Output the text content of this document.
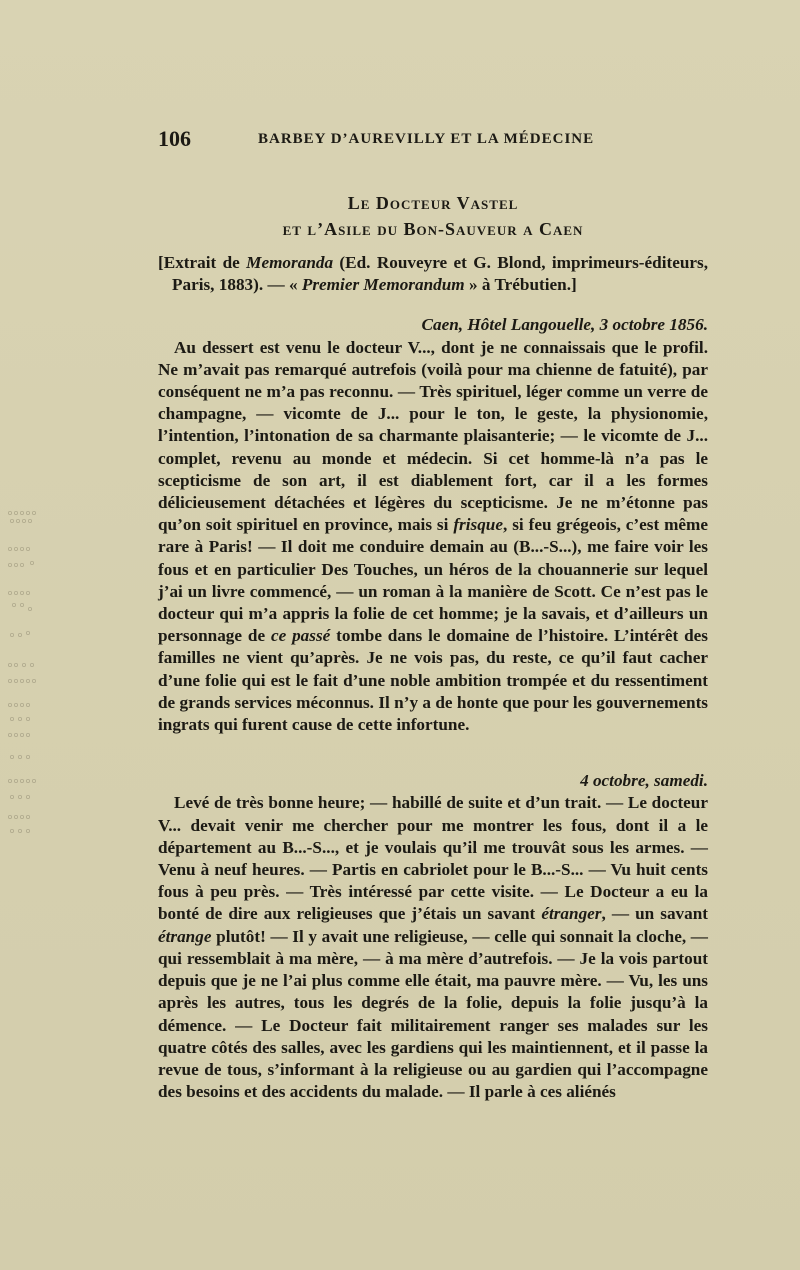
106	BARBEY D’AUREVILLY ET LA MÉDECINE
Le Docteur Vastel
et l’Asile du Bon-Sauveur a Caen

[Extrait de Memoranda (Ed. Rouveyre et G. Blond, imprimeurs-éditeurs, Paris, 1883). — « Premier Memorandum » à Trébutien.]

Caen, Hôtel Langouelle, 3 octobre 1856.

Au dessert est venu le docteur V..., dont je ne connaissais que le profil. Ne m’avait pas remarqué autrefois (voilà pour ma chienne de fatuité), par conséquent ne m’a pas reconnu. — Très spirituel, léger comme un verre de champagne, — vicomte de J... pour le ton, le geste, la physionomie, l’intention, l’intonation de sa charmante plaisanterie; — le vicomte de J... complet, revenu au monde et médecin. Si cet homme-là n’a pas le scepticisme de son art, il est diablement fort, car il a les formes délicieusement détachées et légères du scepticisme. Je ne m’étonne pas qu’on soit spirituel en province, mais si frisque, si feu grégeois, c’est même rare à Paris! — Il doit me conduire demain au (B...-S...), me faire voir les fous et en particulier Des Touches, un héros de la chouannerie sur lequel j’ai un livre commencé, — un roman à la manière de Scott. Ce n’est pas le docteur qui m’a appris la folie de cet homme; je la savais, et d’ailleurs un personnage de ce passé tombe dans le domaine de l’histoire. L’intérêt des familles ne vient qu’après. Je ne vois pas, du reste, ce qu’il faut cacher d’une folie qui est le fait d’une noble ambition trompée et du ressentiment de grands services méconnus. Il n’y a de honte que pour les gouvernements ingrats qui furent cause de cette infortune.

4 octobre, samedi.

Levé de très bonne heure; — habillé de suite et d’un trait. — Le docteur V... devait venir me chercher pour me montrer les fous, dont il a le département au B...-S..., et je voulais qu’il me trouvât sous les armes. — Venu à neuf heures. — Partis en cabriolet pour le B...-S... — Vu huit cents fous à peu près. — Très intéressé par cette visite. — Le Docteur a eu la bonté de dire aux religieuses que j’étais un savant étranger, — un savant étrange plutôt! — Il y avait une religieuse, — celle qui sonnait la cloche, — qui ressemblait à ma mère, — à ma mère d’autrefois. — Je la vois partout depuis que je ne l’ai plus comme elle était, ma pauvre mère. — Vu, les uns après les autres, tous les degrés de la folie, depuis la folie jusqu’à la démence. — Le Docteur fait militairement ranger ses malades sur les quatre côtés des salles, avec les gardiens qui les maintiennent, et il passe la revue de tous, s’informant à la religieuse ou au gardien qui l’accompagne des besoins et des accidents du malade. — Il parle à ces aliénés
